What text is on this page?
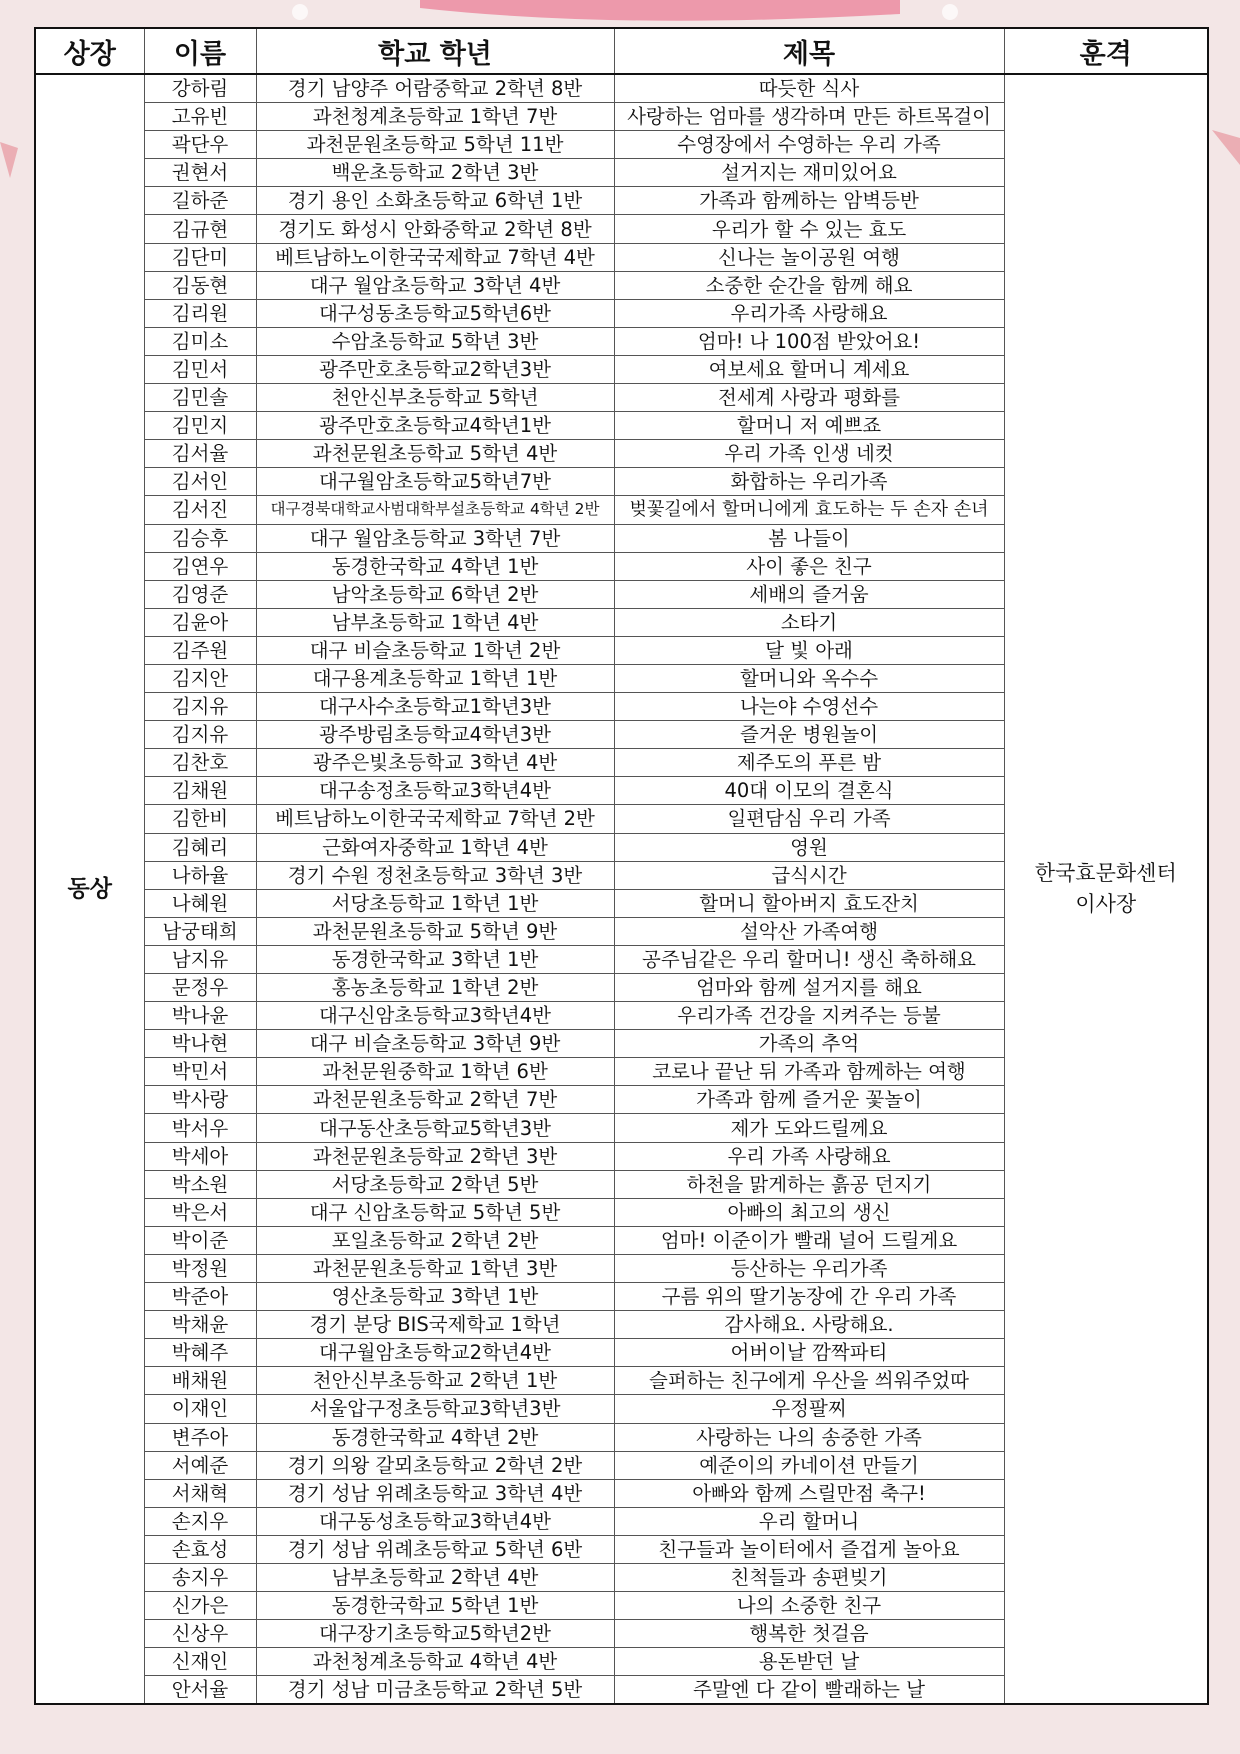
상장	이름	학교 학년	제목	훈격
동상	강하림	경기 남양주 어람중학교 2학년 8반	따듯한 식사	한국효문화센터
이사장

	고유빈	과천청계초등학교 1학년 7반	사랑하는 엄마를 생각하며 만든 하트목걸이	
	곽단우	과천문원초등학교 5학년 11반	수영장에서 수영하는 우리 가족	
	권현서	백운초등학교 2학년 3반	설거지는 재미있어요	
	길하준	경기 용인 소화초등학교 6학년 1반	가족과 함께하는 암벽등반	
	김규현	경기도 화성시 안화중학교 2학년 8반	우리가 할 수 있는 효도	
	김단미	베트남하노이한국국제학교 7학년 4반	신나는 놀이공원 여행	
	김동현	대구 월암초등학교 3학년 4반	소중한 순간을 함께 해요	
	김리원	대구성동초등학교5학년6반	우리가족 사랑해요	
	김미소	수암초등학교 5학년 3반	엄마! 나 100점 받았어요!	
	김민서	광주만호초등학교2학년3반	여보세요 할머니 계세요	
	김민솔	천안신부초등학교 5학년	전세계 사랑과 평화를	
	김민지	광주만호초등학교4학년1반	할머니 저 예쁘죠	
	김서율	과천문원초등학교 5학년 4반	우리 가족 인생 네컷	
	김서인	대구월암초등학교5학년7반	화합하는 우리가족	
	김서진	대구경북대학교사범대학부설초등학교 4학년 2반	벚꽃길에서 할머니에게 효도하는 두 손자 손녀	
	김승후	대구 월암초등학교 3학년 7반	봄 나들이	
	김연우	동경한국학교 4학년 1반	사이 좋은 친구	
	김영준	남악초등학교 6학년 2반	세배의 즐거움	
	김윤아	남부초등학교 1학년 4반	소타기	
	김주원	대구 비슬초등학교 1학년 2반	달 빛 아래	
	김지안	대구용계초등학교 1학년 1반	할머니와 옥수수	
	김지유	대구사수초등학교1학년3반	나는야 수영선수	
	김지유	광주방림초등학교4학년3반	즐거운 병원놀이	
	김찬호	광주은빛초등학교 3학년 4반	제주도의 푸른 밤	
	김채원	대구송정초등학교3학년4반	40대 이모의 결혼식	
	김한비	베트남하노이한국국제학교 7학년 2반	일편담심 우리 가족	
	김혜리	근화여자중학교 1학년 4반	영원	
	나하율	경기 수원 정천초등학교 3학년 3반	급식시간	
	나혜원	서당초등학교 1학년 1반	할머니 할아버지 효도잔치	
	남궁태희	과천문원초등학교 5학년 9반	설악산 가족여행	
	남지유	동경한국학교 3학년 1반	공주님같은 우리 할머니! 생신 축하해요	
	문정우	홍농초등학교 1학년 2반	엄마와 함께 설거지를 해요	
	박나윤	대구신암초등학교3학년4반	우리가족 건강을 지켜주는 등불	
	박나현	대구 비슬초등학교 3학년 9반	가족의 추억	
	박민서	과천문원중학교 1학년 6반	코로나 끝난 뒤 가족과 함께하는 여행	
	박사랑	과천문원초등학교 2학년 7반	가족과 함께 즐거운 꽃놀이	
	박서우	대구동산초등학교5학년3반	제가 도와드릴께요	
	박세아	과천문원초등학교 2학년 3반	우리 가족 사랑해요	
	박소원	서당초등학교 2학년 5반	하천을 맑게하는 흙공 던지기	
	박은서	대구 신암초등학교 5학년 5반	아빠의 최고의 생신	
	박이준	포일초등학교 2학년 2반	엄마! 이준이가 빨래 널어 드릴게요	
	박정원	과천문원초등학교 1학년 3반	등산하는 우리가족	
	박준아	영산초등학교 3학년 1반	구름 위의 딸기농장에 간 우리 가족	
	박채윤	경기 분당 BIS국제학교 1학년	감사해요. 사랑해요.	
	박혜주	대구월암초등학교2학년4반	어버이날 깜짝파티	
	배채원	천안신부초등학교 2학년 1반	슬퍼하는 친구에게 우산을 씌워주었따	
	이재인	서울압구정초등학교3학년3반	우정팔찌	
	변주아	동경한국학교 4학년 2반	사랑하는 나의 송중한 가족	
	서예준	경기 의왕 갈뫼초등학교 2학년 2반	예준이의 카네이션 만들기	
	서채혁	경기 성남 위례초등학교 3학년 4반	아빠와 함께 스릴만점 축구!	
	손지우	대구동성초등학교3학년4반	우리 할머니	
	손효성	경기 성남 위례초등학교 5학년 6반	친구들과 놀이터에서 즐겁게 놀아요	
	송지우	남부초등학교 2학년 4반	친척들과 송편빚기	
	신가은	동경한국학교 5학년 1반	나의 소중한 친구	
	신상우	대구장기초등학교5학년2반	행복한 첫걸음	
	신재인	과천청계초등학교 4학년 4반	용돈받던 날	
	안서율	경기 성남 미금초등학교 2학년 5반	주말엔 다 같이 빨래하는 날	
